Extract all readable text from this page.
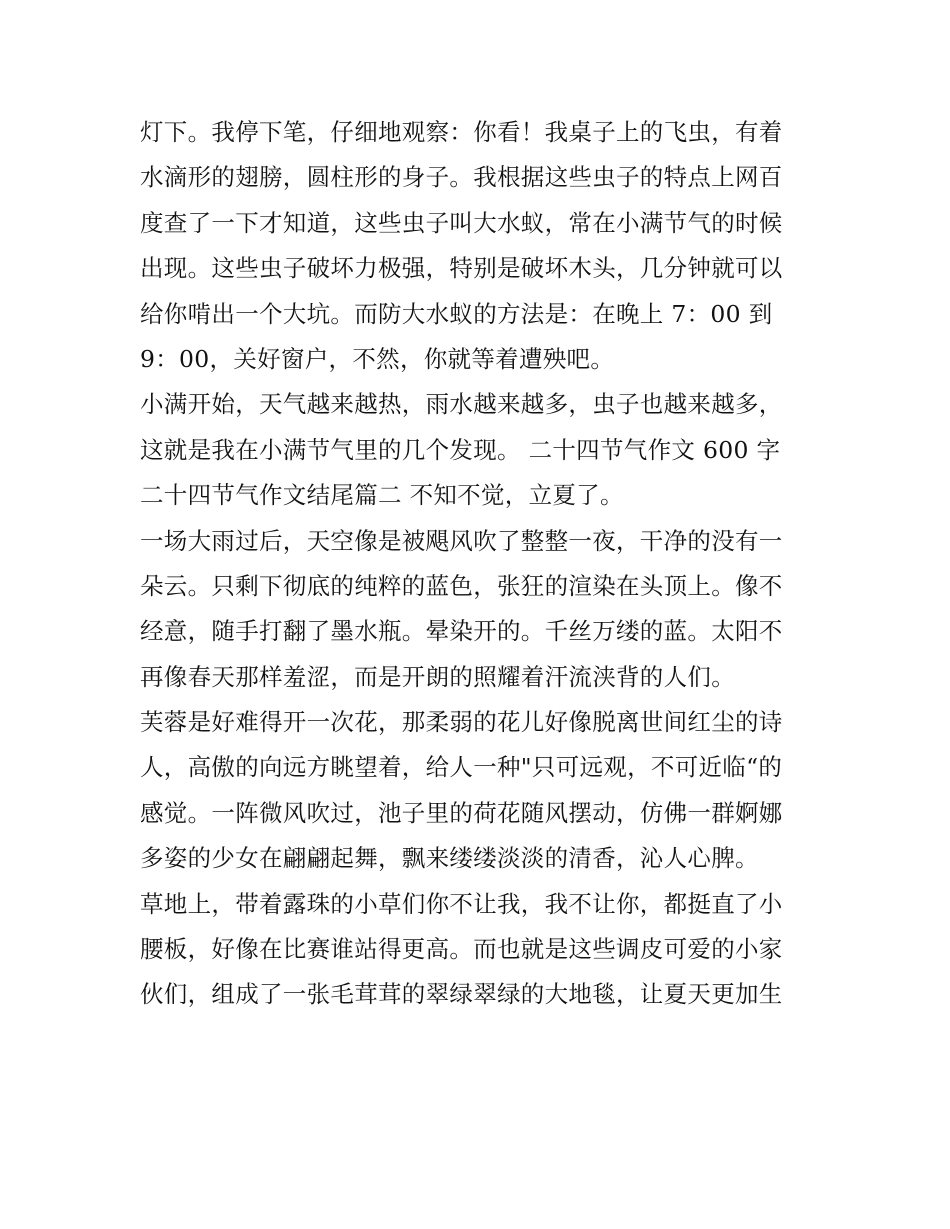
灯下。我停下笔，仔细地观察：你看！我桌子上的飞虫，有着
水滴形的翅膀，圆柱形的身子。我根据这些虫子的特点上网百
度查了一下才知道，这些虫子叫大水蚁，常在小满节气的时候
出现。这些虫子破坏力极强，特别是破坏木头，几分钟就可以
给你啃出一个大坑。而防大水蚁的方法是：在晚上 7：00 到
9：00，关好窗户，不然，你就等着遭殃吧。
小满开始，天气越来越热，雨水越来越多，虫子也越来越多，
这就是我在小满节气里的几个发现。 二十四节气作文 600 字
二十四节气作文结尾篇二 不知不觉，立夏了。
一场大雨过后，天空像是被飓风吹了整整一夜，干净的没有一
朵云。只剩下彻底的纯粹的蓝色，张狂的渲染在头顶上。像不
经意，随手打翻了墨水瓶。晕染开的。千丝万缕的蓝。太阳不
再像春天那样羞涩，而是开朗的照耀着汗流浃背的人们。
芙蓉是好难得开一次花，那柔弱的花儿好像脱离世间红尘的诗
人，高傲的向远方眺望着，给人一种"只可远观，不可近临“的
感觉。一阵微风吹过，池子里的荷花随风摆动，仿佛一群婀娜
多姿的少女在翩翩起舞，飘来缕缕淡淡的清香，沁人心脾。
草地上，带着露珠的小草们你不让我，我不让你，都挺直了小
腰板，好像在比赛谁站得更高。而也就是这些调皮可爱的小家
伙们，组成了一张毛茸茸的翠绿翠绿的大地毯，让夏天更加生
